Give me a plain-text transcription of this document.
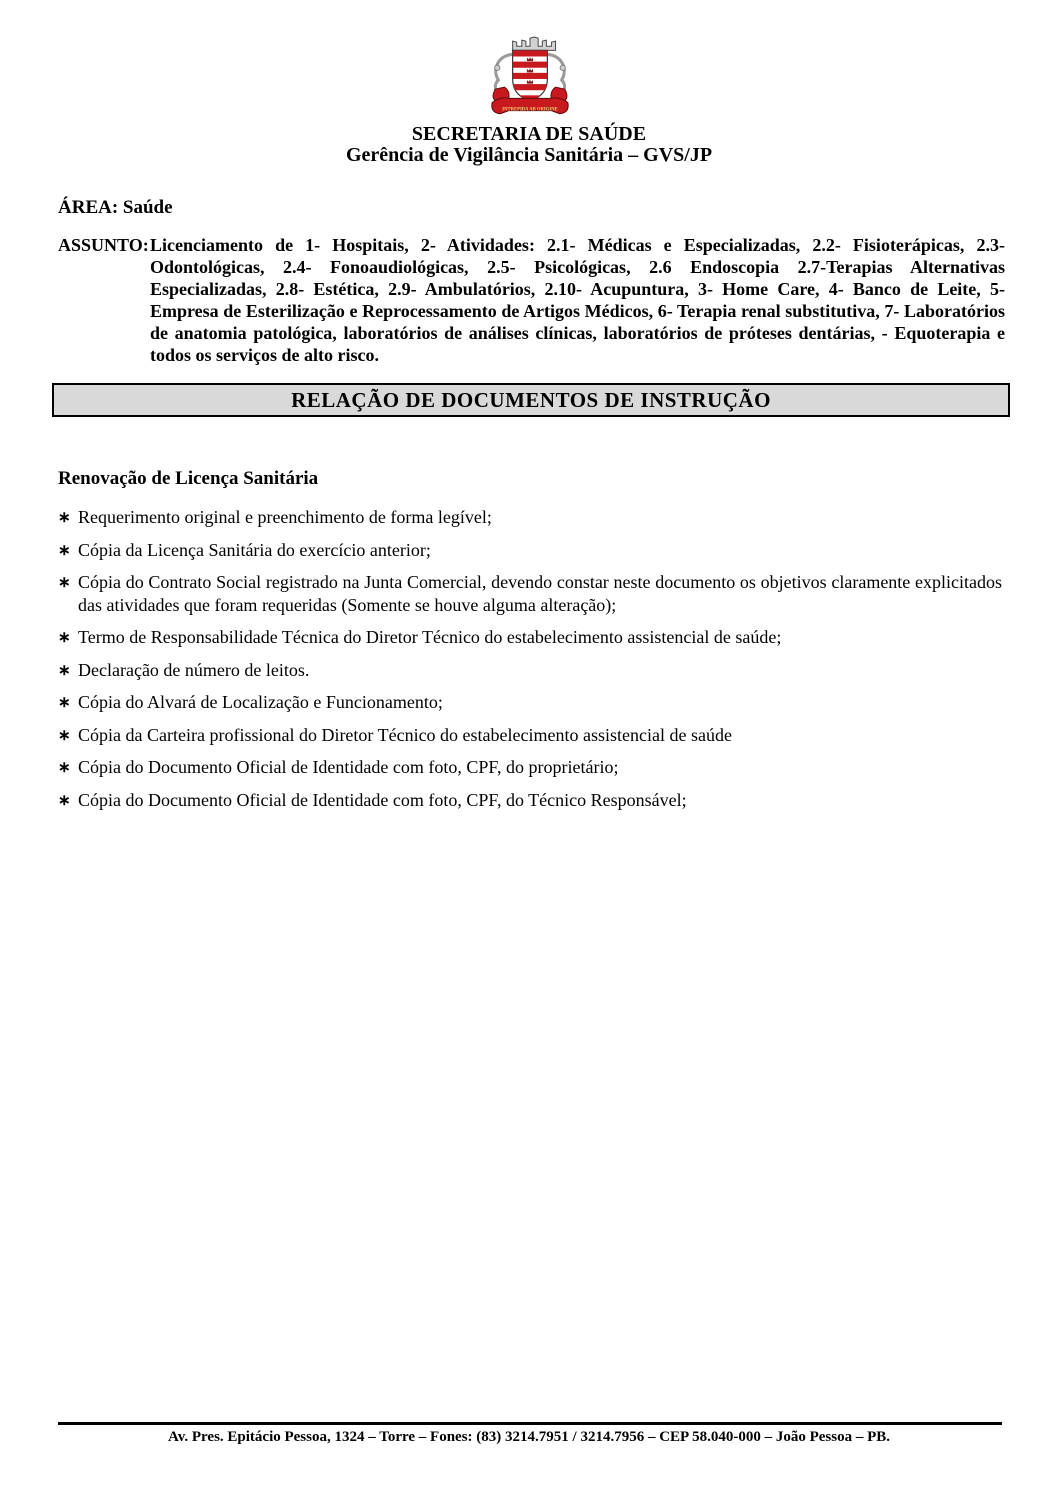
INTREPIDA AB ORIGINE
SECRETARIA DE SAÚDE
Gerência de Vigilância Sanitária – GVS/JP
ÁREA: Saúde

ASSUNTO:Licenciamento de 1- Hospitais, 2- Atividades: 2.1- Médicas e Especializadas, 2.2- Fisioterápicas, 2.3- Odontológicas, 2.4- Fonoaudiológicas, 2.5- Psicológicas, 2.6 Endoscopia 2.7-Terapias Alternativas Especializadas, 2.8- Estética, 2.9- Ambulatórios, 2.10- Acupuntura, 3- Home Care, 4- Banco de Leite, 5- Empresa de Esterilização e Reprocessamento de Artigos Médicos, 6- Terapia renal substitutiva, 7- Laboratórios de anatomia patológica, laboratórios de análises clínicas, laboratórios de próteses dentárias, - Equoterapia e todos os serviços de alto risco.

RELAÇÃO DE DOCUMENTOS DE INSTRUÇÃO
Renovação de Licença Sanitária
∗ Requerimento original e preenchimento de forma legível;
∗ Cópia da Licença Sanitária do exercício anterior;
∗ Cópia do Contrato Social registrado na Junta Comercial, devendo constar neste documento os objetivos claramente explicitados das atividades que foram requeridas (Somente se houve alguma alteração);
∗ Termo de Responsabilidade Técnica do Diretor Técnico do estabelecimento assistencial de saúde;
∗ Declaração de número de leitos.
∗ Cópia do Alvará de Localização e Funcionamento;
∗ Cópia da Carteira profissional do Diretor Técnico do estabelecimento assistencial de saúde
∗ Cópia do Documento Oficial de Identidade com foto, CPF, do proprietário;
∗ Cópia do Documento Oficial de Identidade com foto, CPF, do Técnico Responsável;
Av. Pres. Epitácio Pessoa, 1324 – Torre – Fones: (83) 3214.7951 / 3214.7956 – CEP 58.040-000 – João Pessoa – PB.
